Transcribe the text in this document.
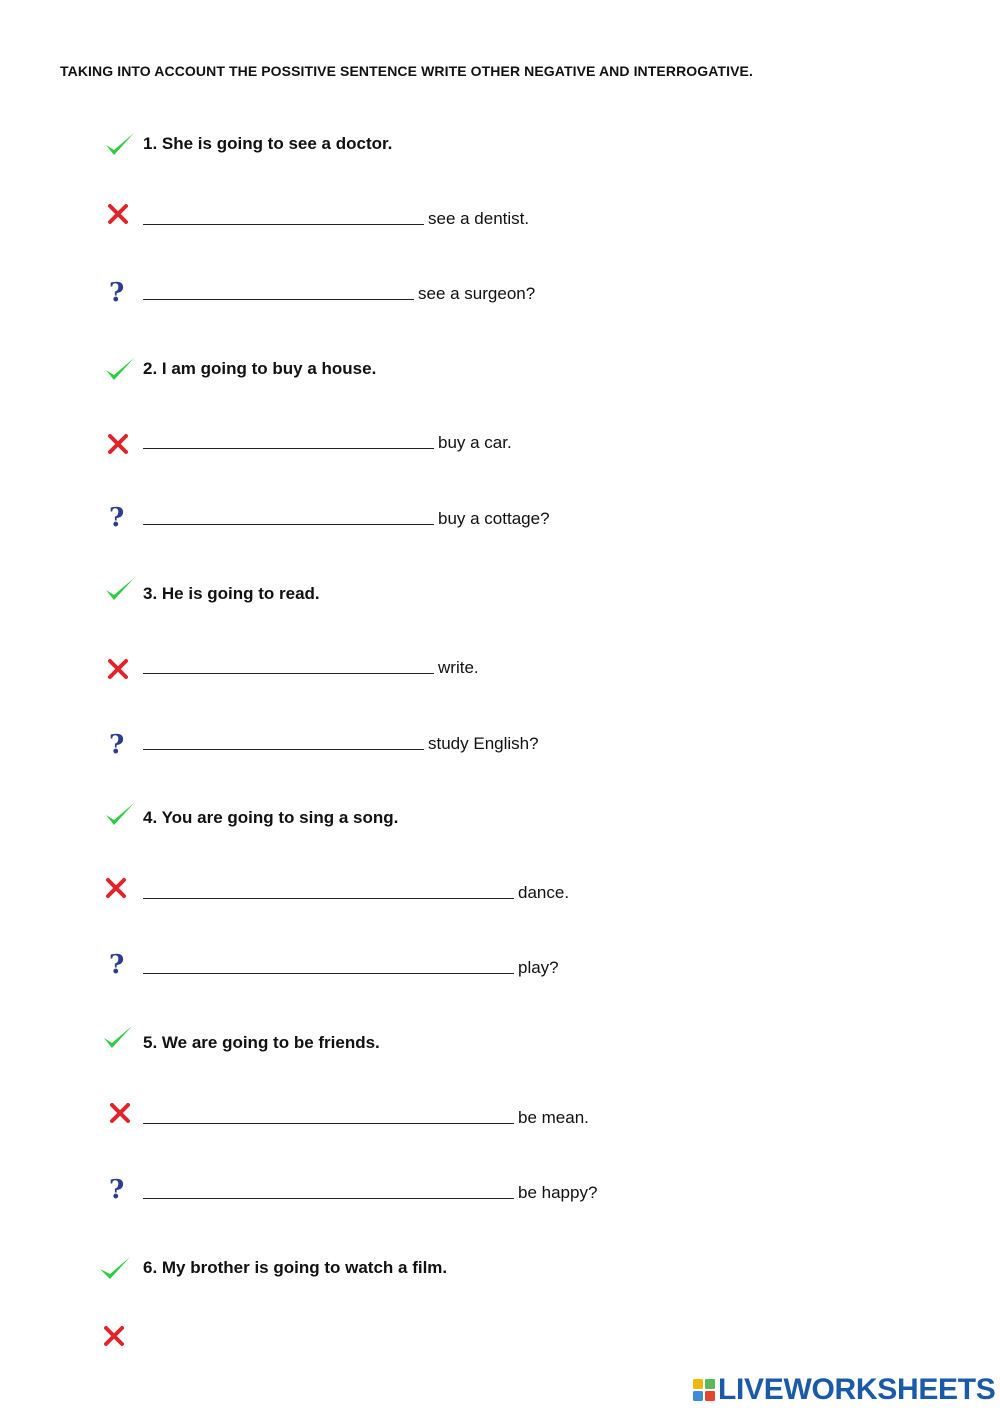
TAKING INTO ACCOUNT THE POSSITIVE SENTENCE WRITE OTHER NEGATIVE AND INTERROGATIVE.
1. She is going to see a doctor.
see a dentist.
?	see a surgeon?
2. I am going to buy a house.
buy a car.
?	buy a cottage?
3. He is going to read.
write.
?	study English?
4. You are going to sing a song.
dance.
?	play?
5. We are going to be friends.
be mean.
?	be happy?
6. My brother is going to watch a film.
LIVEWORKSHEETS
